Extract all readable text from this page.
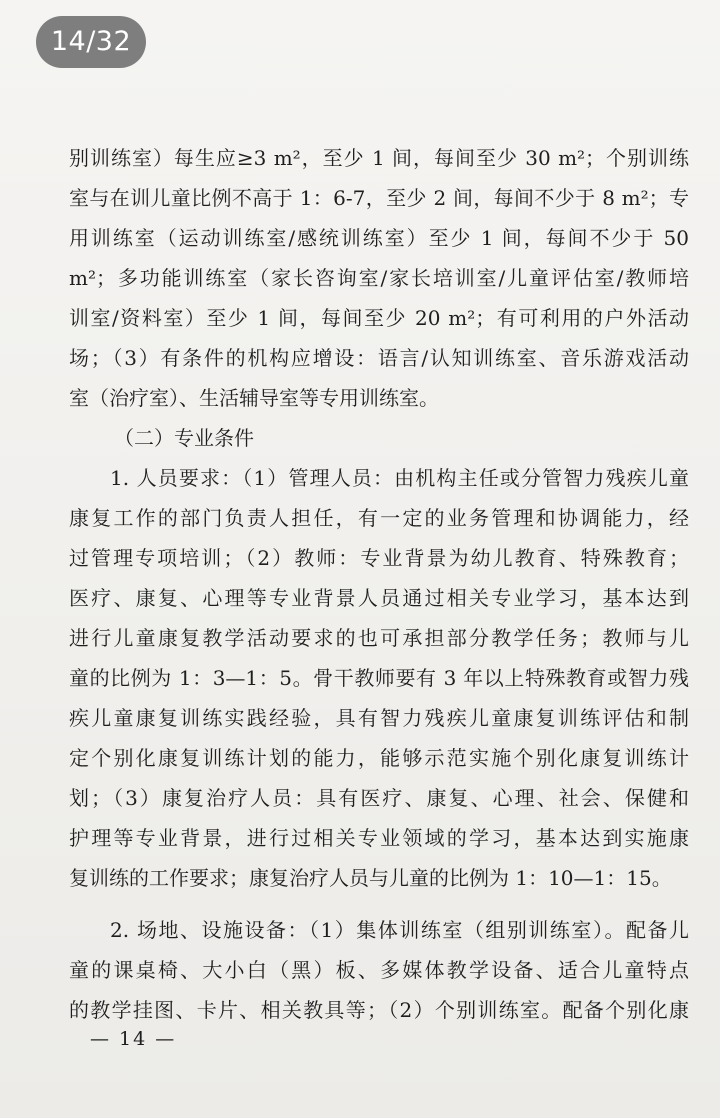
14/32
别训练室）每生应≥3 m²，至少 1 间，每间至少 30 m²；个别训练
室与在训儿童比例不高于 1：6-7，至少 2 间，每间不少于 8 m²；专
用训练室（运动训练室/感统训练室）至少 1 间，每间不少于 50
m²；多功能训练室（家长咨询室/家长培训室/儿童评估室/教师培
训室/资料室）至少 1 间，每间至少 20 m²；有可利用的户外活动
场；（3）有条件的机构应增设：语言/认知训练室、音乐游戏活动
室（治疗室）、生活辅导室等专用训练室。
（二）专业条件
1. 人员要求：（1）管理人员：由机构主任或分管智力残疾儿童
康复工作的部门负责人担任，有一定的业务管理和协调能力，经
过管理专项培训；（2）教师：专业背景为幼儿教育、特殊教育；
医疗、康复、心理等专业背景人员通过相关专业学习，基本达到
进行儿童康复教学活动要求的也可承担部分教学任务；教师与儿
童的比例为 1：3—1：5。骨干教师要有 3 年以上特殊教育或智力残
疾儿童康复训练实践经验，具有智力残疾儿童康复训练评估和制
定个别化康复训练计划的能力，能够示范实施个别化康复训练计
划；（3）康复治疗人员：具有医疗、康复、心理、社会、保健和
护理等专业背景，进行过相关专业领域的学习，基本达到实施康
复训练的工作要求；康复治疗人员与儿童的比例为 1：10—1：15。
2. 场地、设施设备：（1）集体训练室（组别训练室）。配备儿
童的课桌椅、大小白（黑）板、多媒体教学设备、适合儿童特点
的教学挂图、卡片、相关教具等；（2）个别训练室。配备个别化康
— 14 —
